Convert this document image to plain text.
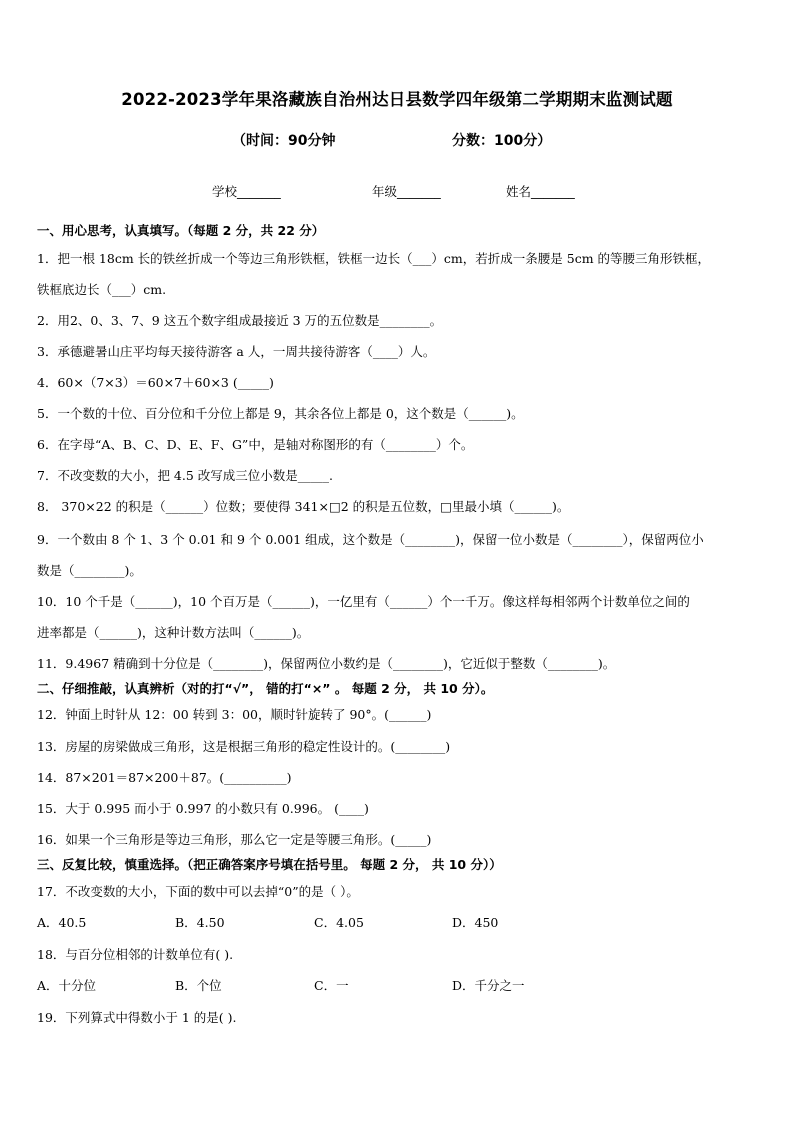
2022-2023学年果洛藏族自治州达日县数学四年级第二学期期末监测试题
（时间：90分钟	分数：100分）
学校_______	年级_______	姓名_______
一、用心思考，认真填写。（每题 2 分，共 22 分）
1．把一根 18cm 长的铁丝折成一个等边三角形铁框，铁框一边长（___）cm，若折成一条腰是 5cm 的等腰三角形铁框，
铁框底边长（___）cm.
2．用2、0、3、7、9 这五个数字组成最接近 3 万的五位数是________。
3．承德避暑山庄平均每天接待游客 a 人，一周共接待游客（____）人。
4．60×（7×3）＝60×7＋60×3 (_____)
5．一个数的十位、百分位和千分位上都是 9，其余各位上都是 0，这个数是（______)。
6．在字母“A、B、C、D、E、F、G”中，是轴对称图形的有（________）个。
7．不改变数的大小，把 4.5 改写成三位小数是_____.
8． 370×22 的积是（______）位数；要使得 341×□2 的积是五位数，□里最小填（______)。
9．一个数由 8 个 1、3 个 0.01 和 9 个 0.001 组成，这个数是（________)，保留一位小数是（________），保留两位小
数是（________)。
10．10 个千是（______)，10 个百万是（______)，一亿里有（______）个一千万。像这样每相邻两个计数单位之间的
进率都是（______)，这种计数方法叫（______)。
11．9.4967 精确到十分位是（________)，保留两位小数约是（________)，它近似于整数（________)。
二、仔细推敲，认真辨析（对的打“√”， 错的打“×” 。 每题 2 分， 共 10 分）。
12．钟面上时针从 12：00 转到 3：00，顺时针旋转了 90°。(______)
13．房屋的房梁做成三角形，这是根据三角形的稳定性设计的。(________)
14．87×201＝87×200＋87。(__________)
15．大于 0.995 而小于 0.997 的小数只有 0.996。 (____)
16．如果一个三角形是等边三角形，那么它一定是等腰三角形。(_____)
三、反复比较，慎重选择。（把正确答案序号填在括号里。 每题 2 分， 共 10 分））
17．不改变数的大小，下面的数中可以去掉“0”的是（ ）。
A．40.5	B．4.50	C．4.05	D．450
18．与百分位相邻的计数单位有( ).
A．十分位	B．个位	C．一	D．千分之一
19．下列算式中得数小于 1 的是( ).
